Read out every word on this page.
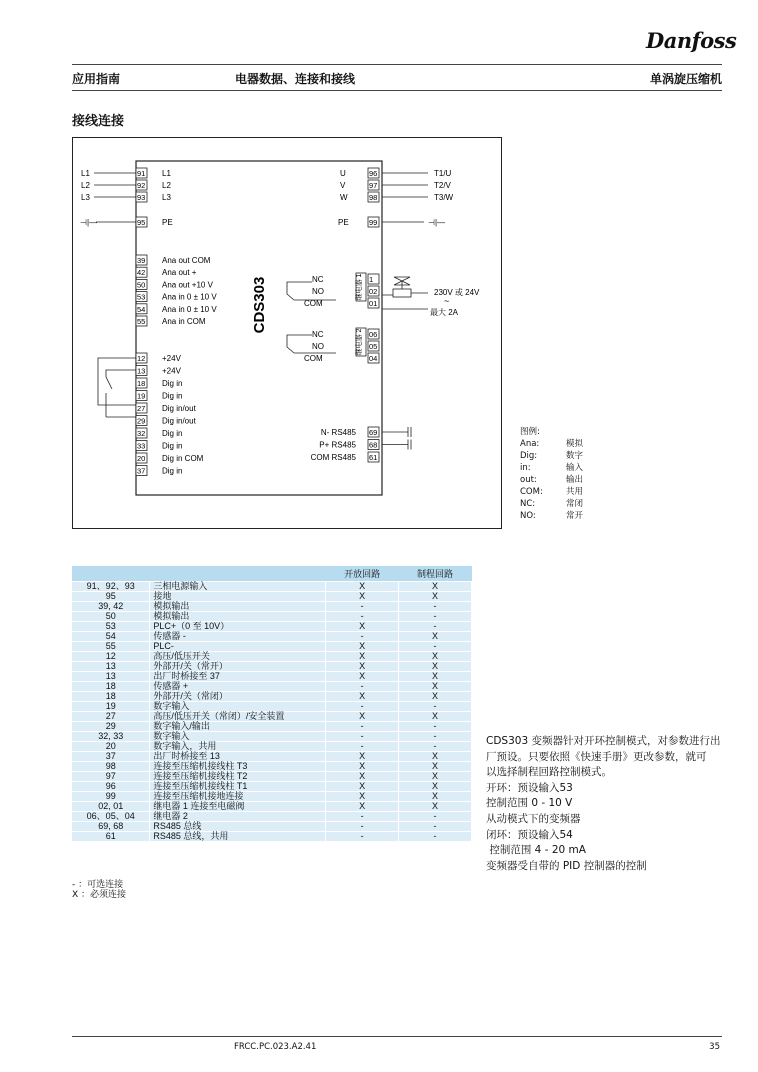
Danfoss
应用指南	电器数据、连接和接线	单涡旋压缩机
接线连接
CDS303
L1	91 L1
L2	92 L2
L3	93 L3
⊣|—	95 PE
39 Ana out COM
42 Ana out +
50 Ana out +10 V
53 Ana in 0 ± 10 V
54 Ana in 0 ± 10 V
55 Ana in COM
12 +24V
13 +24V
18 Dig in
19 Dig in
27 Dig in/out
29 Dig in/out
32 Dig in
33 Dig in
20 Dig in COM
37 Dig in
U	96	T1/U
V	97	T2/V
W	98	T3/W
PE	99	⊣|—
NC	1
NO	02
COM	01
NC	06
NO	05
COM	04
N- RS485 69
P+ RS485 68
COM RS485 61
继电器 1
继电器 2
230V 或 24V
~
最大 2A
图例:
Ana:	模拟
Dig:	数字
in:	输入
out:	输出
COM:	共用
NC:	常闭
NO:	常开
		开放回路	制程回路
91、92、93	三相电源输入	X	X
95	接地	X	X
39, 42	模拟输出	-	-
50	模拟输出	-	-
53	PLC+（0 至 10V）	X	-
54	传感器 -	-	X
55	PLC-	X	-
12	高压/低压开关	X	X
13	外部开/关（常开）	X	X
13	出厂时桥接至 37	X	X
18	传感器 +	-	X
18	外部开/关（常闭）	X	X
19	数字输入	-	-
27	高压/低压开关（常闭）/安全装置	X	X
29	数字输入/输出	-	-
32, 33	数字输入	-	-
20	数字输入，共用	-	-
37	出厂时桥接至 13	X	X
98	连接至压缩机接线柱 T3	X	X
97	连接至压缩机接线柱 T2	X	X
96	连接至压缩机接线柱 T1	X	X
99	连接至压缩机接地连接	X	X
02, 01	继电器 1 连接至电磁阀	X	X
06、05、04	继电器 2	-	-
69, 68	RS485 总线	-	-
61	RS485 总线，共用	-	-
- ：可选连接
X ：必须连接
CDS303 变频器针对开环控制模式，对参数进行出
厂预设。只要依照《快速手册》更改参数，就可
以选择制程回路控制模式。
开环：预设输入53
控制范围 0 - 10 V
从动模式下的变频器
闭环：预设输入54
控制范围 4 - 20 mA
变频器受自带的 PID 控制器的控制
FRCC.PC.023.A2.41	35
